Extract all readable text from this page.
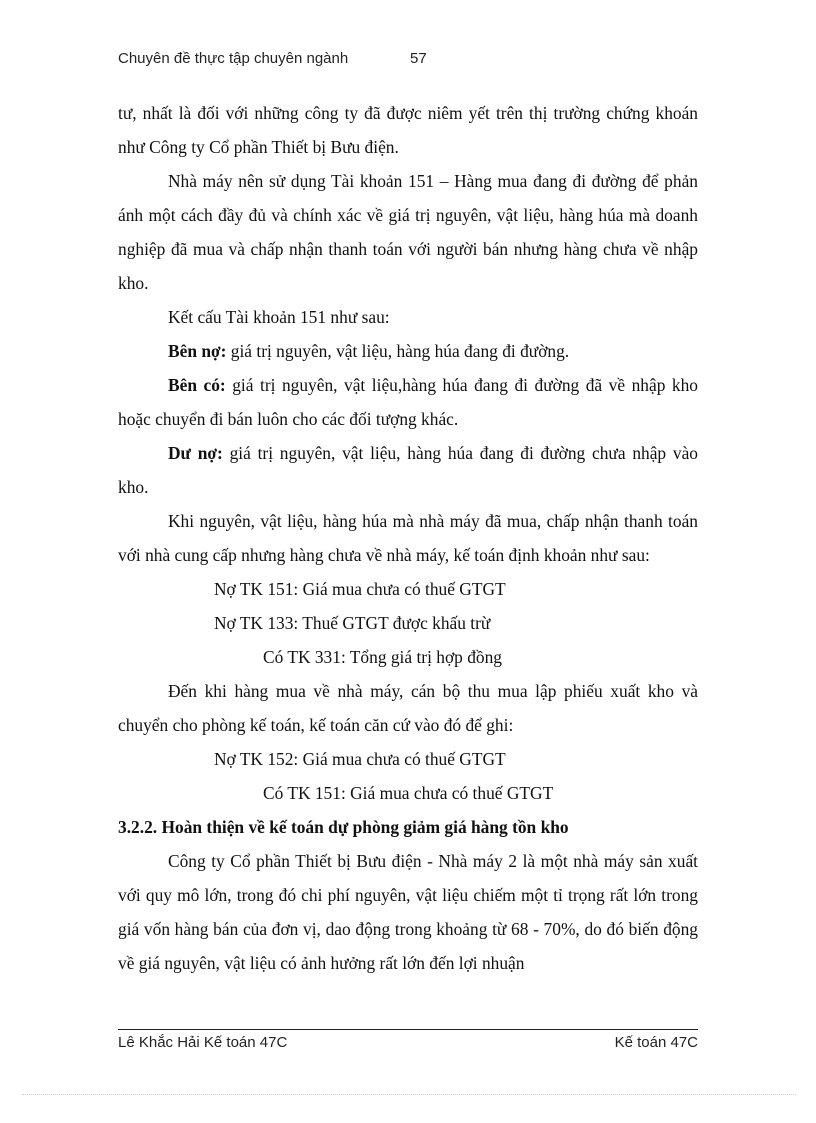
Chuyên đề thực tập chuyên ngành	57

tư, nhất là đối với những công ty đã được niêm yết trên thị trường chứng khoán như Công ty Cổ phần Thiết bị Bưu điện.

Nhà máy nên sử dụng Tài khoản 151 – Hàng mua đang đi đường để phản ánh một cách đầy đủ và chính xác về giá trị nguyên, vật liệu, hàng húa mà doanh nghiệp đã mua và chấp nhận thanh toán với người bán nhưng hàng chưa về nhập kho.

Kết cấu Tài khoản 151 như sau:

Bên nợ: giá trị nguyên, vật liệu, hàng húa đang đi đường.

Bên có: giá trị nguyên, vật liệu,hàng húa đang đi đường đã về nhập kho hoặc chuyển đi bán luôn cho các đối tượng khác.

Dư nợ: giá trị nguyên, vật liệu, hàng húa đang đi đường chưa nhập vào kho.

Khi nguyên, vật liệu, hàng húa mà nhà máy đã mua, chấp nhận thanh toán với nhà cung cấp nhưng hàng chưa về nhà máy, kế toán định khoản như sau:

Nợ TK 151: Giá mua chưa có thuế GTGT

Nợ TK 133: Thuế GTGT được khấu trừ

Có TK 331: Tổng giá trị hợp đồng

Đến khi hàng mua về nhà máy, cán bộ thu mua lập phiếu xuất kho và chuyển cho phòng kế toán, kế toán căn cứ vào đó để ghi:

Nợ TK 152: Giá mua chưa có thuế GTGT

Có TK 151: Giá mua chưa có thuế GTGT

3.2.2. Hoàn thiện về kế toán dự phòng giảm giá hàng tồn kho

Công ty Cổ phần Thiết bị Bưu điện - Nhà máy 2 là một nhà máy sản xuất với quy mô lớn, trong đó chi phí nguyên, vật liệu chiếm một tỉ trọng rất lớn trong giá vốn hàng bán của đơn vị, dao động trong khoảng từ 68 - 70%, do đó biến động về giá nguyên, vật liệu có ảnh hưởng rất lớn đến lợi nhuận

Lê Khắc Hải Kế toán 47C	Kế toán 47C
